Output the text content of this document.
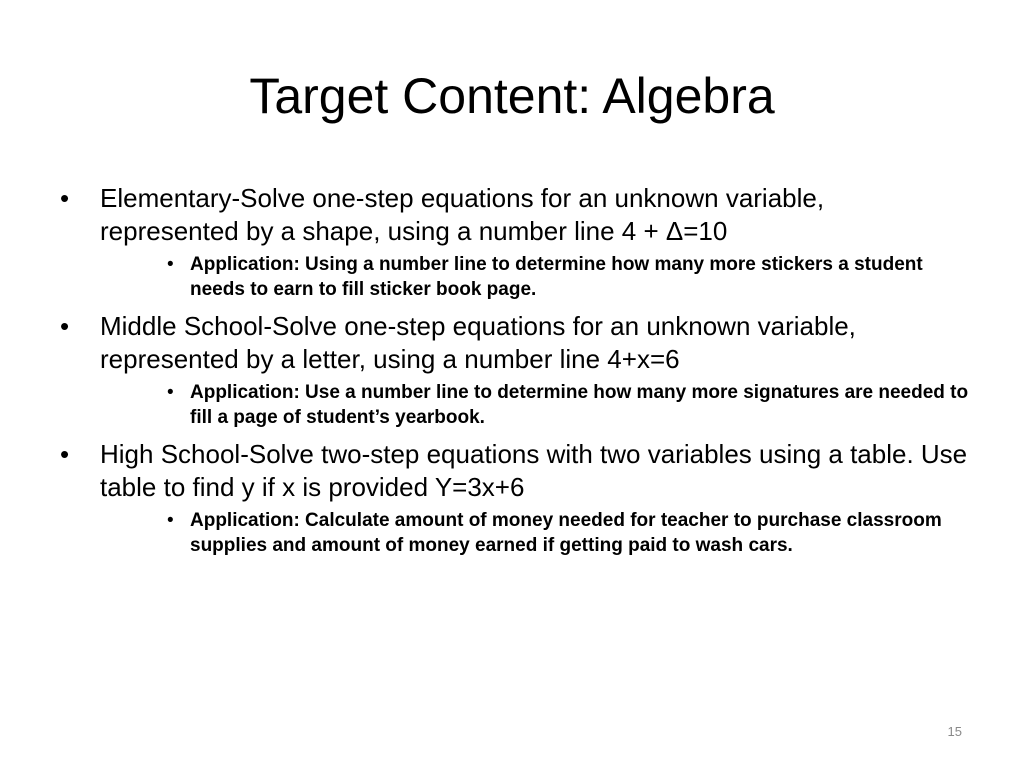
Target Content: Algebra
•	Elementary-Solve one-step equations for an unknown variable, represented by a shape, using a number line 4 + Δ=10
• Application: Using a number line to determine how many more stickers a student needs to earn to fill sticker book page.
•	Middle School-Solve one-step equations for an unknown variable, represented by a letter, using a number line 4+x=6
• Application: Use a number line to determine how many more signatures are needed to fill a page of student’s yearbook.
•	High School-Solve two-step equations with two variables using a table. Use table to find y if x is provided Y=3x+6
• Application: Calculate amount of money needed for teacher to purchase classroom supplies and amount of money earned if getting paid to wash cars.
15
